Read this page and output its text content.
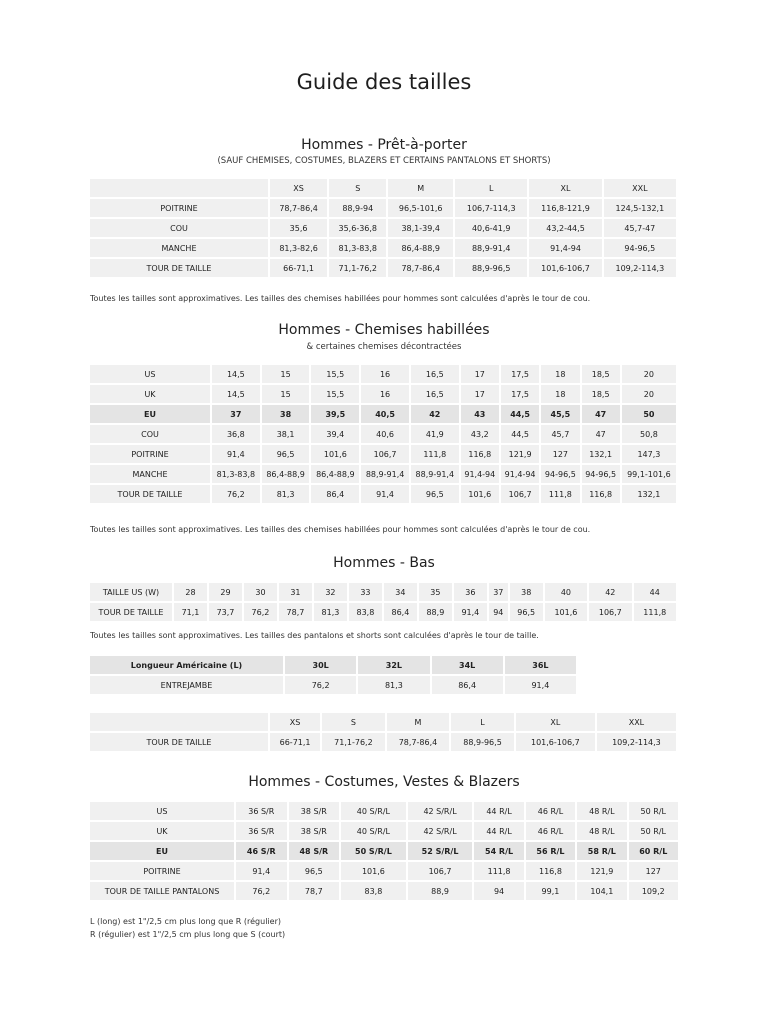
Guide des tailles
Hommes - Prêt-à-porter
(SAUF CHEMISES, COSTUMES, BLAZERS ET CERTAINS PANTALONS ET SHORTS)
	XS	S	M	L	XL	XXL
POITRINE	78,7-86,4	88,9-94	96,5-101,6	106,7-114,3	116,8-121,9	124,5-132,1
COU	35,6	35,6-36,8	38,1-39,4	40,6-41,9	43,2-44,5	45,7-47
MANCHE	81,3-82,6	81,3-83,8	86,4-88,9	88,9-91,4	91,4-94	94-96,5
TOUR DE TAILLE	66-71,1	71,1-76,2	78,7-86,4	88,9-96,5	101,6-106,7	109,2-114,3
Toutes les tailles sont approximatives. Les tailles des chemises habillées pour hommes sont calculées d'après le tour de cou.
Hommes - Chemises habillées
& certaines chemises décontractées
US	14,5	15	15,5	16	16,5	17	17,5	18	18,5	20
UK	14,5	15	15,5	16	16,5	17	17,5	18	18,5	20
EU	37	38	39,5	40,5	42	43	44,5	45,5	47	50
COU	36,8	38,1	39,4	40,6	41,9	43,2	44,5	45,7	47	50,8
POITRINE	91,4	96,5	101,6	106,7	111,8	116,8	121,9	127	132,1	147,3
MANCHE	81,3-83,8	86,4-88,9	86,4-88,9	88,9-91,4	88,9-91,4	91,4-94	91,4-94	94-96,5	94-96,5	99,1-101,6
TOUR DE TAILLE	76,2	81,3	86,4	91,4	96,5	101,6	106,7	111,8	116,8	132,1
Toutes les tailles sont approximatives. Les tailles des chemises habillées pour hommes sont calculées d'après le tour de cou.
Hommes - Bas
TAILLE US (W)	28	29	30	31	32	33	34	35	36	37	38	40	42	44
TOUR DE TAILLE	71,1	73,7	76,2	78,7	81,3	83,8	86,4	88,9	91,4	94	96,5	101,6	106,7	111,8
Toutes les tailles sont approximatives. Les tailles des pantalons et shorts sont calculées d'après le tour de taille.
Longueur Américaine (L)	30L	32L	34L	36L
ENTREJAMBE	76,2	81,3	86,4	91,4
	XS	S	M	L	XL	XXL
TOUR DE TAILLE	66-71,1	71,1-76,2	78,7-86,4	88,9-96,5	101,6-106,7	109,2-114,3
Hommes - Costumes, Vestes & Blazers
US	36 S/R	38 S/R	40 S/R/L	42 S/R/L	44 R/L	46 R/L	48 R/L	50 R/L
UK	36 S/R	38 S/R	40 S/R/L	42 S/R/L	44 R/L	46 R/L	48 R/L	50 R/L
EU	46 S/R	48 S/R	50 S/R/L	52 S/R/L	54 R/L	56 R/L	58 R/L	60 R/L
POITRINE	91,4	96,5	101,6	106,7	111,8	116,8	121,9	127
TOUR DE TAILLE PANTALONS	76,2	78,7	83,8	88,9	94	99,1	104,1	109,2
L (long) est 1"/2,5 cm plus long que R (régulier)
R (régulier) est 1"/2,5 cm plus long que S (court)
